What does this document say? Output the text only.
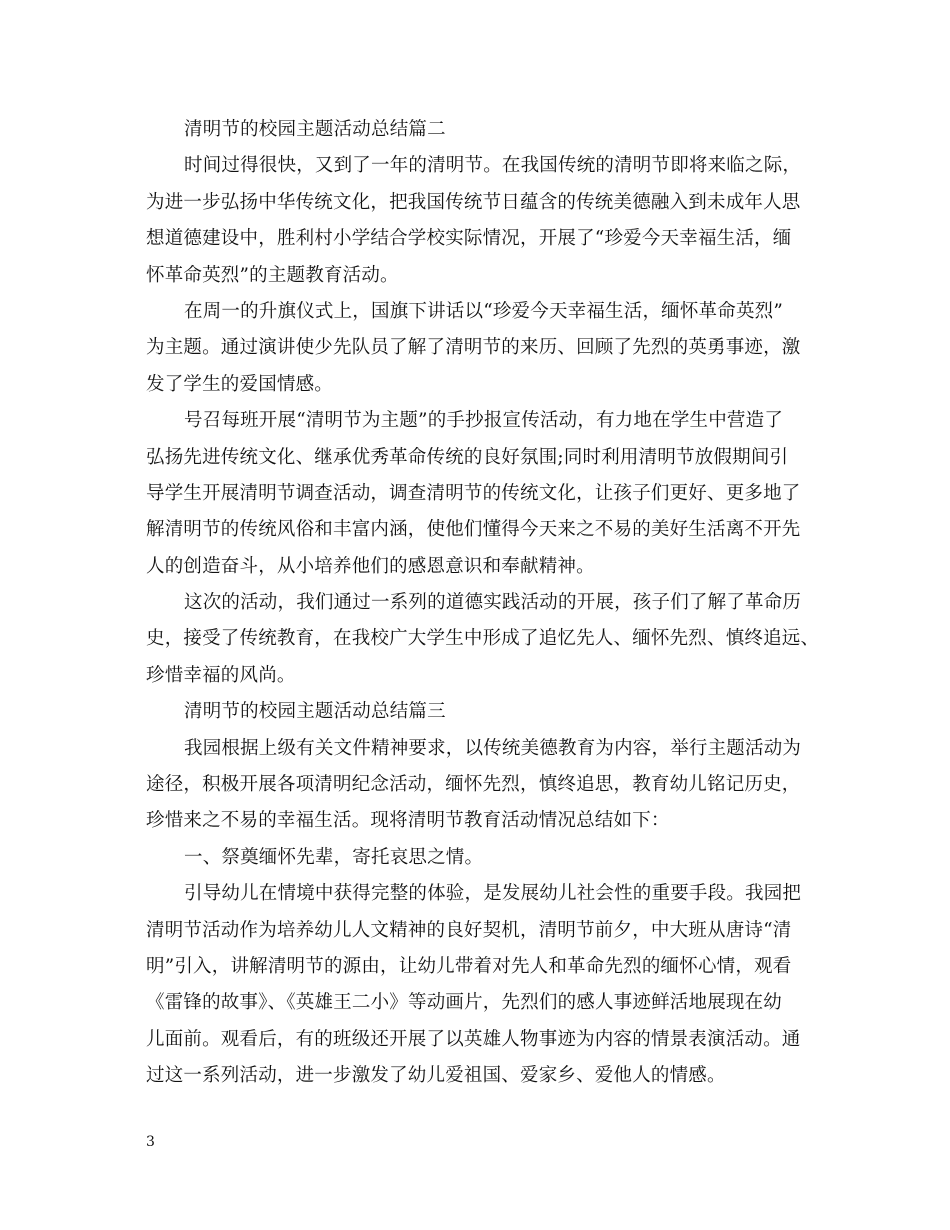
清明节的校园主题活动总结篇二
时间过得很快，又到了一年的清明节。在我国传统的清明节即将来临之际，
为进一步弘扬中华传统文化，把我国传统节日蕴含的传统美德融入到未成年人思
想道德建设中，胜利村小学结合学校实际情况，开展了“珍爱今天幸福生活，缅
怀革命英烈”的主题教育活动。
在周一的升旗仪式上，国旗下讲话以“珍爱今天幸福生活，缅怀革命英烈”
为主题。通过演讲使少先队员了解了清明节的来历、回顾了先烈的英勇事迹，激
发了学生的爱国情感。
号召每班开展“清明节为主题”的手抄报宣传活动，有力地在学生中营造了
弘扬先进传统文化、继承优秀革命传统的良好氛围;同时利用清明节放假期间引
导学生开展清明节调查活动，调查清明节的传统文化，让孩子们更好、更多地了
解清明节的传统风俗和丰富内涵，使他们懂得今天来之不易的美好生活离不开先
人的创造奋斗，从小培养他们的感恩意识和奉献精神。
这次的活动，我们通过一系列的道德实践活动的开展，孩子们了解了革命历
史，接受了传统教育，在我校广大学生中形成了追忆先人、缅怀先烈、慎终追远、
珍惜幸福的风尚。
清明节的校园主题活动总结篇三
我园根据上级有关文件精神要求，以传统美德教育为内容，举行主题活动为
途径，积极开展各项清明纪念活动，缅怀先烈，慎终追思，教育幼儿铭记历史，
珍惜来之不易的幸福生活。现将清明节教育活动情况总结如下：
一、祭奠缅怀先辈，寄托哀思之情。
引导幼儿在情境中获得完整的体验，是发展幼儿社会性的重要手段。我园把
清明节活动作为培养幼儿人文精神的良好契机，清明节前夕，中大班从唐诗“清
明”引入，讲解清明节的源由，让幼儿带着对先人和革命先烈的缅怀心情，观看
《雷锋的故事》、《英雄王二小》等动画片，先烈们的感人事迹鲜活地展现在幼
儿面前。观看后，有的班级还开展了以英雄人物事迹为内容的情景表演活动。通
过这一系列活动，进一步激发了幼儿爱祖国、爱家乡、爱他人的情感。
3
